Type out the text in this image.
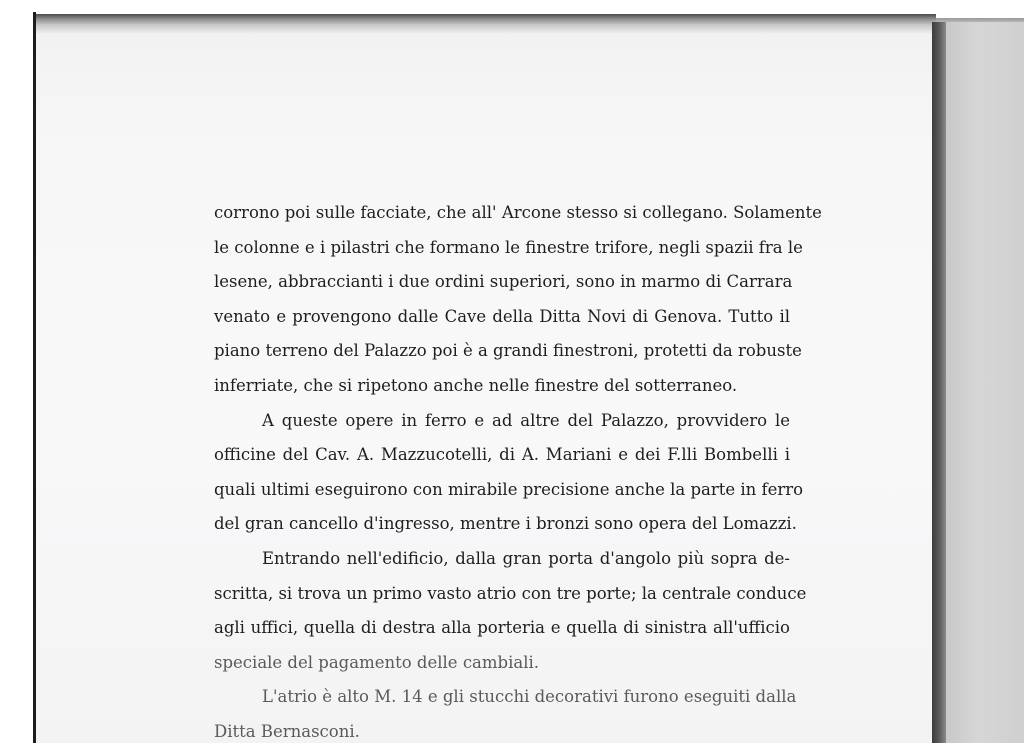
corrono poi sulle facciate, che all' Arcone stesso si collegano. Solamente
le colonne e i pilastri che formano le finestre trifore, negli spazii fra le
lesene, abbraccianti i due ordini superiori, sono in marmo di Carrara
venato e provengono dalle Cave della Ditta Novi di Genova. Tutto il
piano terreno del Palazzo poi è a grandi finestroni, protetti da robuste
inferriate, che si ripetono anche nelle finestre del sotterraneo.
A queste opere in ferro e ad altre del Palazzo, provvidero le
officine del Cav. A. Mazzucotelli, di A. Mariani e dei F.lli Bombelli i
quali ultimi eseguirono con mirabile precisione anche la parte in ferro
del gran cancello d'ingresso, mentre i bronzi sono opera del Lomazzi.
Entrando nell'edificio, dalla gran porta d'angolo più sopra de-
scritta, si trova un primo vasto atrio con tre porte; la centrale conduce
agli uffici, quella di destra alla porteria e quella di sinistra all'ufficio
speciale del pagamento delle cambiali.
L'atrio è alto M. 14 e gli stucchi decorativi furono eseguiti dalla
Ditta Bernasconi.
